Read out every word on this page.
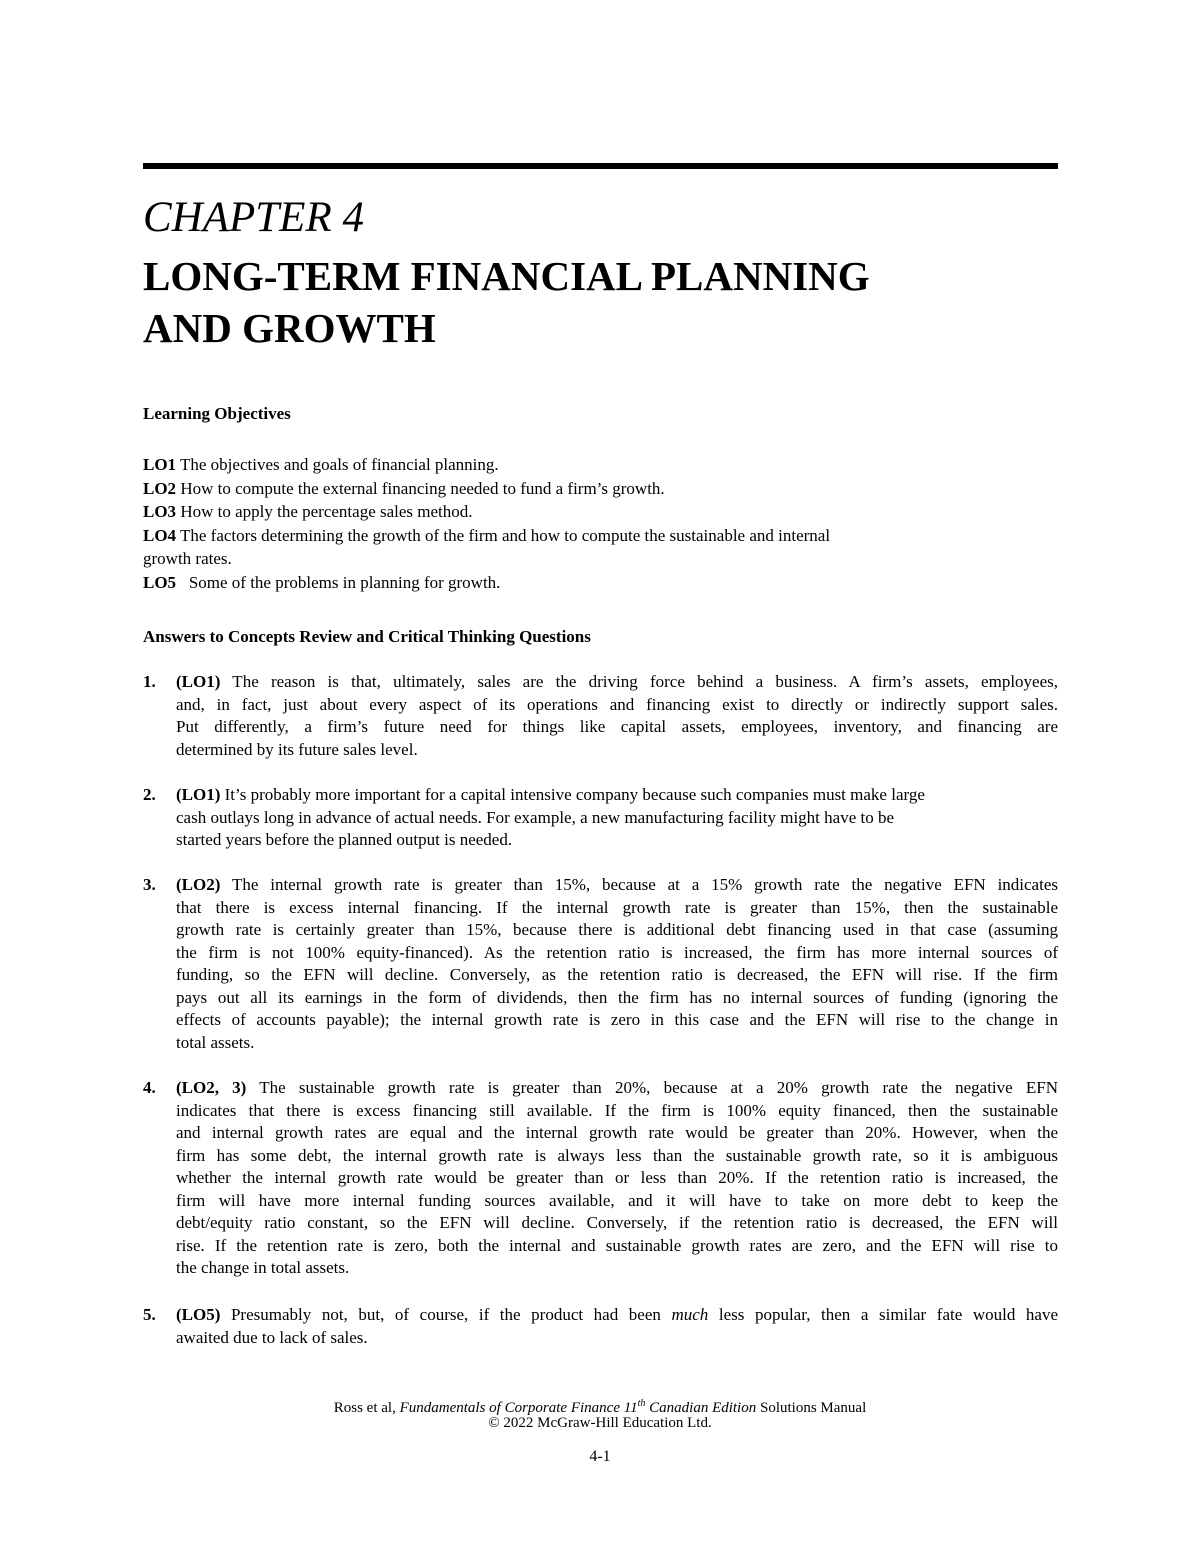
CHAPTER 4
LONG-TERM FINANCIAL PLANNING
AND GROWTH
Learning Objectives
LO1 The objectives and goals of financial planning.
LO2 How to compute the external financing needed to fund a firm’s growth.
LO3 How to apply the percentage sales method.
LO4 The factors determining the growth of the firm and how to compute the sustainable and internal
growth rates.
LO5   Some of the problems in planning for growth.
Answers to Concepts Review and Critical Thinking Questions
1. (LO1) The reason is that, ultimately, sales are the driving force behind a business. A firm’s assets, employees,
and, in fact, just about every aspect of its operations and financing exist to directly or indirectly support sales.
Put differently, a firm’s future need for things like capital assets, employees, inventory, and financing are
determined by its future sales level.
2. (LO1) It’s probably more important for a capital intensive company because such companies must make large
cash outlays long in advance of actual needs. For example, a new manufacturing facility might have to be
started years before the planned output is needed.
3. (LO2) The internal growth rate is greater than 15%, because at a 15% growth rate the negative EFN indicates
that there is excess internal financing. If the internal growth rate is greater than 15%, then the sustainable
growth rate is certainly greater than 15%, because there is additional debt financing used in that case (assuming
the firm is not 100% equity-financed). As the retention ratio is increased, the firm has more internal sources of
funding, so the EFN will decline. Conversely, as the retention ratio is decreased, the EFN will rise. If the firm
pays out all its earnings in the form of dividends, then the firm has no internal sources of funding (ignoring the
effects of accounts payable); the internal growth rate is zero in this case and the EFN will rise to the change in
total assets.
4. (LO2, 3) The sustainable growth rate is greater than 20%, because at a 20% growth rate the negative EFN
indicates that there is excess financing still available. If the firm is 100% equity financed, then the sustainable
and internal growth rates are equal and the internal growth rate would be greater than 20%. However, when the
firm has some debt, the internal growth rate is always less than the sustainable growth rate, so it is ambiguous
whether the internal growth rate would be greater than or less than 20%. If the retention ratio is increased, the
firm will have more internal funding sources available, and it will have to take on more debt to keep the
debt/equity ratio constant, so the EFN will decline. Conversely, if the retention ratio is decreased, the EFN will
rise. If the retention rate is zero, both the internal and sustainable growth rates are zero, and the EFN will rise to
the change in total assets.
5. (LO5) Presumably not, but, of course, if the product had been much less popular, then a similar fate would have
awaited due to lack of sales.
Ross et al, Fundamentals of Corporate Finance 11th Canadian Edition Solutions Manual
© 2022 McGraw-Hill Education Ltd.
4-1
